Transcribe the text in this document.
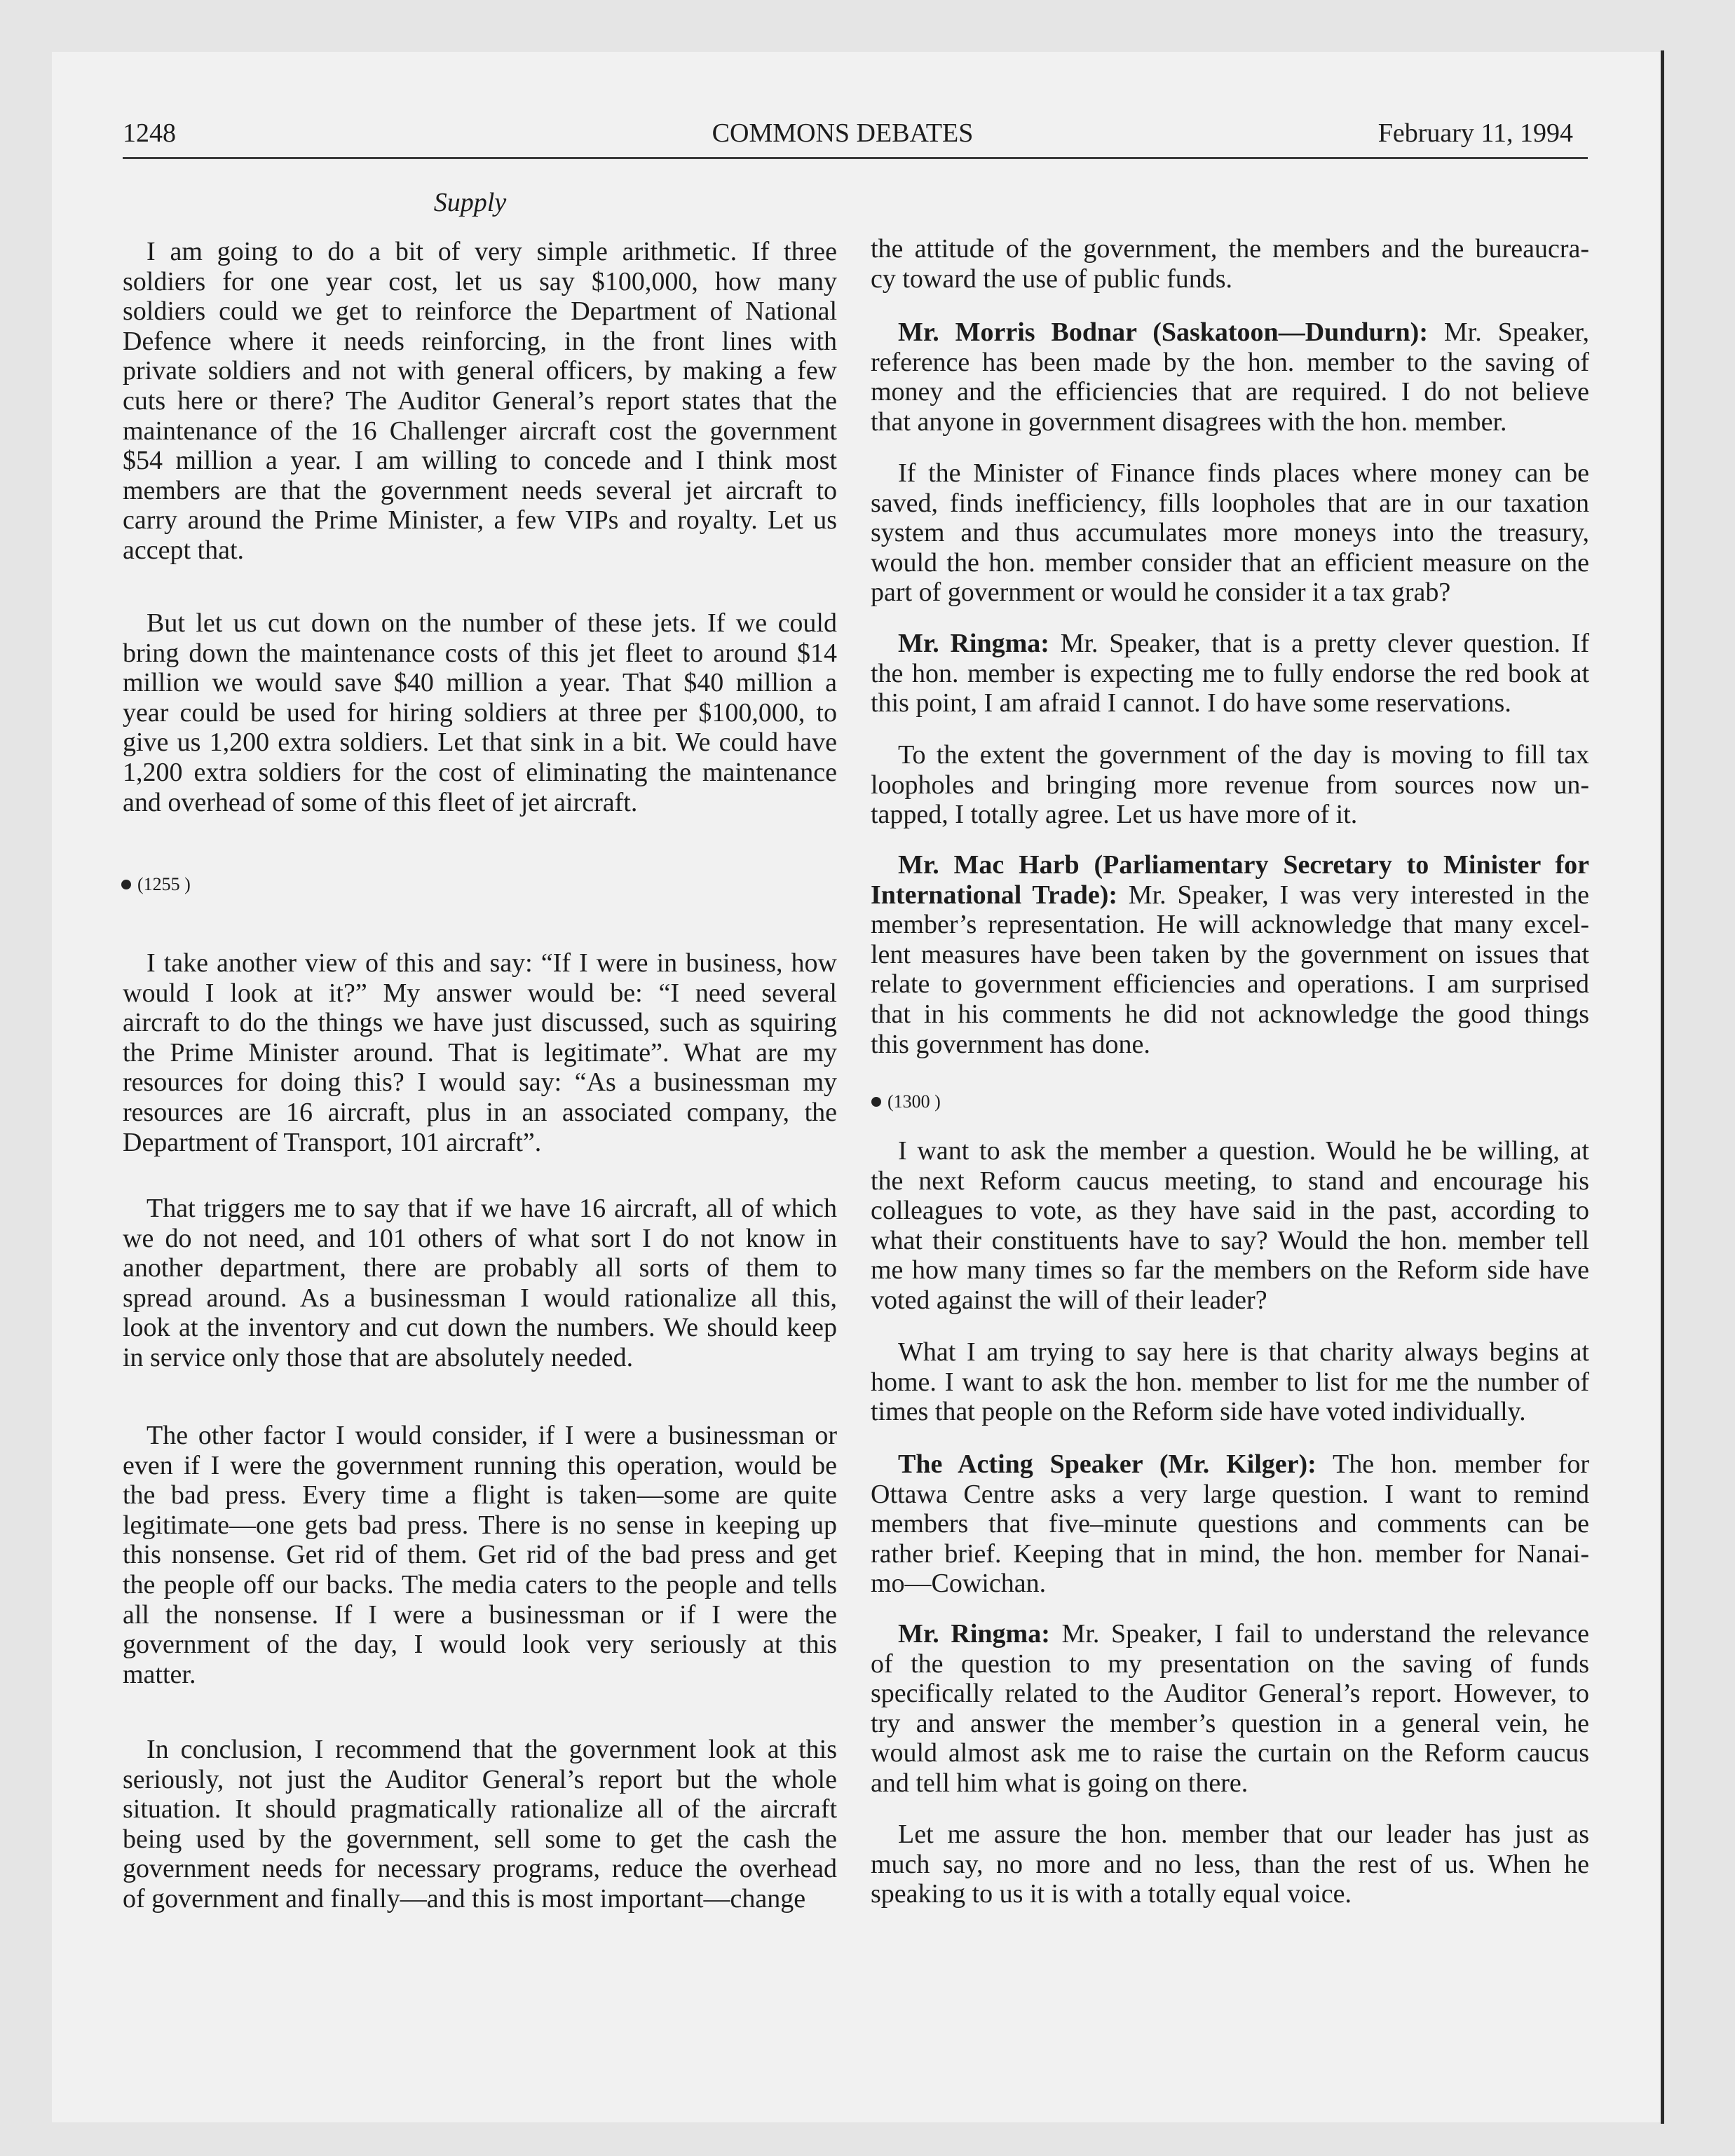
1248	COMMONS DEBATES	February 11, 1994
Supply
I am going to do a bit of very simple arithmetic. If three
soldiers for one year cost, let us say $100,000, how many
soldiers could we get to reinforce the Department of National
Defence where it needs reinforcing, in the front lines with
private soldiers and not with general officers, by making a few
cuts here or there? The Auditor General’s report states that the
maintenance of the 16 Challenger aircraft cost the government
$54 million a year. I am willing to concede and I think most
members are that the government needs several jet aircraft to
carry around the Prime Minister, a few VIPs and royalty. Let us
accept that.
But let us cut down on the number of these jets. If we could
bring down the maintenance costs of this jet fleet to around $14
million we would save $40 million a year. That $40 million a
year could be used for hiring soldiers at three per $100,000, to
give us 1,200 extra soldiers. Let that sink in a bit. We could have
1,200 extra soldiers for the cost of eliminating the maintenance
and overhead of some of this fleet of jet aircraft.
(1255 )
I take another view of this and say: “If I were in business, how
would I look at it?” My answer would be: “I need several
aircraft to do the things we have just discussed, such as squiring
the Prime Minister around. That is legitimate”. What are my
resources for doing this? I would say: “As a businessman my
resources are 16 aircraft, plus in an associated company, the
Department of Transport, 101 aircraft”.
That triggers me to say that if we have 16 aircraft, all of which
we do not need, and 101 others of what sort I do not know in
another department, there are probably all sorts of them to
spread around. As a businessman I would rationalize all this,
look at the inventory and cut down the numbers. We should keep
in service only those that are absolutely needed.
The other factor I would consider, if I were a businessman or
even if I were the government running this operation, would be
the bad press. Every time a flight is taken—some are quite
legitimate—one gets bad press. There is no sense in keeping up
this nonsense. Get rid of them. Get rid of the bad press and get
the people off our backs. The media caters to the people and tells
all the nonsense. If I were a businessman or if I were the
government of the day, I would look very seriously at this
matter.
In conclusion, I recommend that the government look at this
seriously, not just the Auditor General’s report but the whole
situation. It should pragmatically rationalize all of the aircraft
being used by the government, sell some to get the cash the
government needs for necessary programs, reduce the overhead
of government and finally—and this is most important—change
the attitude of the government, the members and the bureaucra-
cy toward the use of public funds.
Mr. Morris Bodnar (Saskatoon—Dundurn): Mr. Speaker,
reference has been made by the hon. member to the saving of
money and the efficiencies that are required. I do not believe
that anyone in government disagrees with the hon. member.
If the Minister of Finance finds places where money can be
saved, finds inefficiency, fills loopholes that are in our taxation
system and thus accumulates more moneys into the treasury,
would the hon. member consider that an efficient measure on the
part of government or would he consider it a tax grab?
Mr. Ringma: Mr. Speaker, that is a pretty clever question. If
the hon. member is expecting me to fully endorse the red book at
this point, I am afraid I cannot. I do have some reservations.
To the extent the government of the day is moving to fill tax
loopholes and bringing more revenue from sources now un-
tapped, I totally agree. Let us have more of it.
Mr. Mac Harb (Parliamentary Secretary to Minister for
International Trade): Mr. Speaker, I was very interested in the
member’s representation. He will acknowledge that many excel-
lent measures have been taken by the government on issues that
relate to government efficiencies and operations. I am surprised
that in his comments he did not acknowledge the good things
this government has done.
(1300 )
I want to ask the member a question. Would he be willing, at
the next Reform caucus meeting, to stand and encourage his
colleagues to vote, as they have said in the past, according to
what their constituents have to say? Would the hon. member tell
me how many times so far the members on the Reform side have
voted against the will of their leader?
What I am trying to say here is that charity always begins at
home. I want to ask the hon. member to list for me the number of
times that people on the Reform side have voted individually.
The Acting Speaker (Mr. Kilger): The hon. member for
Ottawa Centre asks a very large question. I want to remind
members that five–minute questions and comments can be
rather brief. Keeping that in mind, the hon. member for Nanai-
mo—Cowichan.
Mr. Ringma: Mr. Speaker, I fail to understand the relevance
of the question to my presentation on the saving of funds
specifically related to the Auditor General’s report. However, to
try and answer the member’s question in a general vein, he
would almost ask me to raise the curtain on the Reform caucus
and tell him what is going on there.
Let me assure the hon. member that our leader has just as
much say, no more and no less, than the rest of us. When he
speaking to us it is with a totally equal voice.
